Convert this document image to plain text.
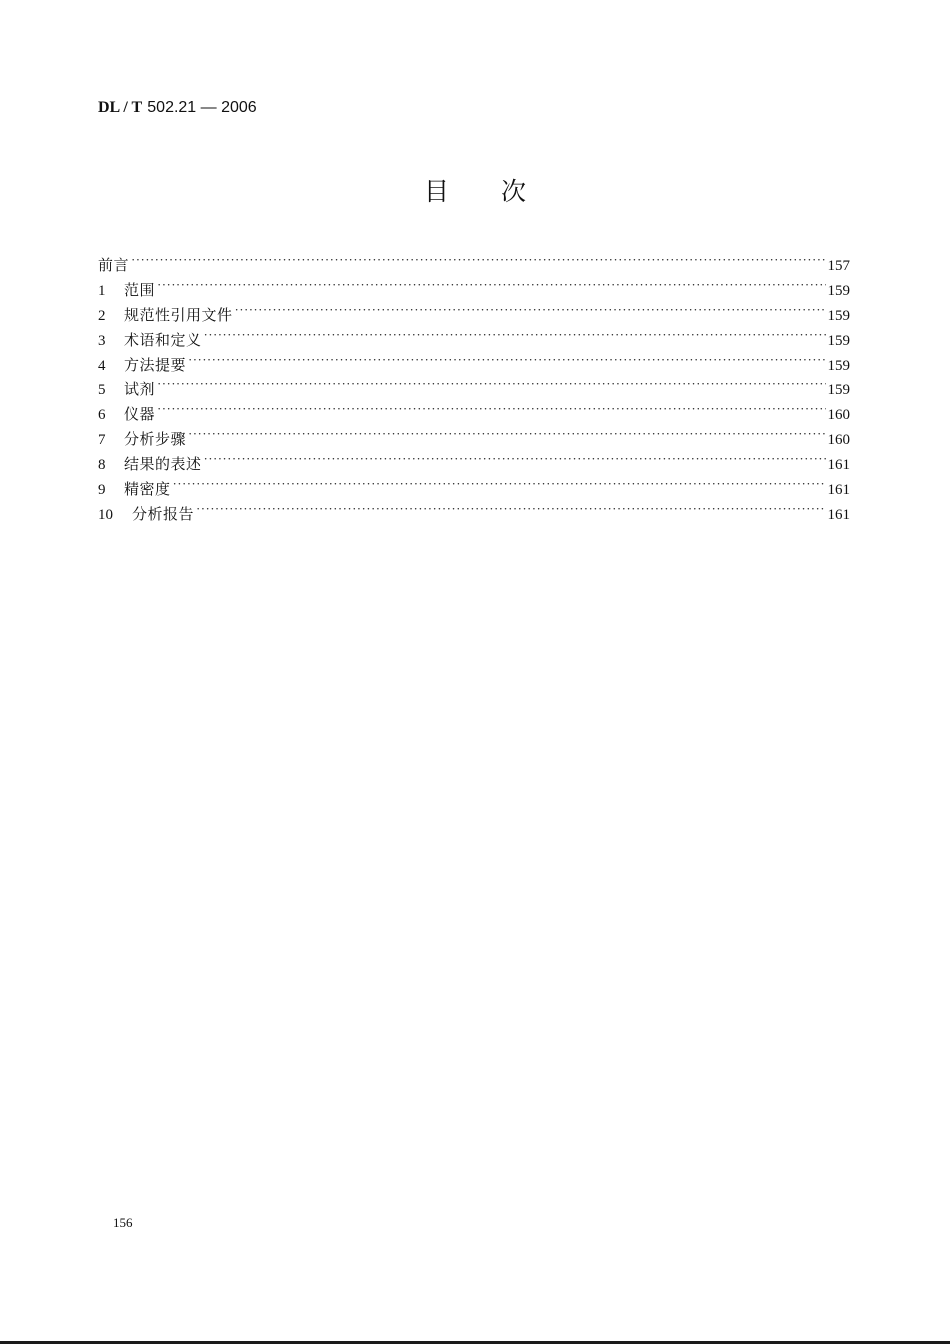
DL / T 502.21 — 2006
目 次
前言 ·····	157
1	范围 ·····	159
2	规范性引用文件 ·····	159
3	术语和定义 ·····	159
4	方法提要 ·····	159
5	试剂 ·····	159
6	仪器 ·····	160
7	分析步骤 ·····	160
8	结果的表述 ·····	161
9	精密度 ·····	161
10	分析报告 ·····	161
156
